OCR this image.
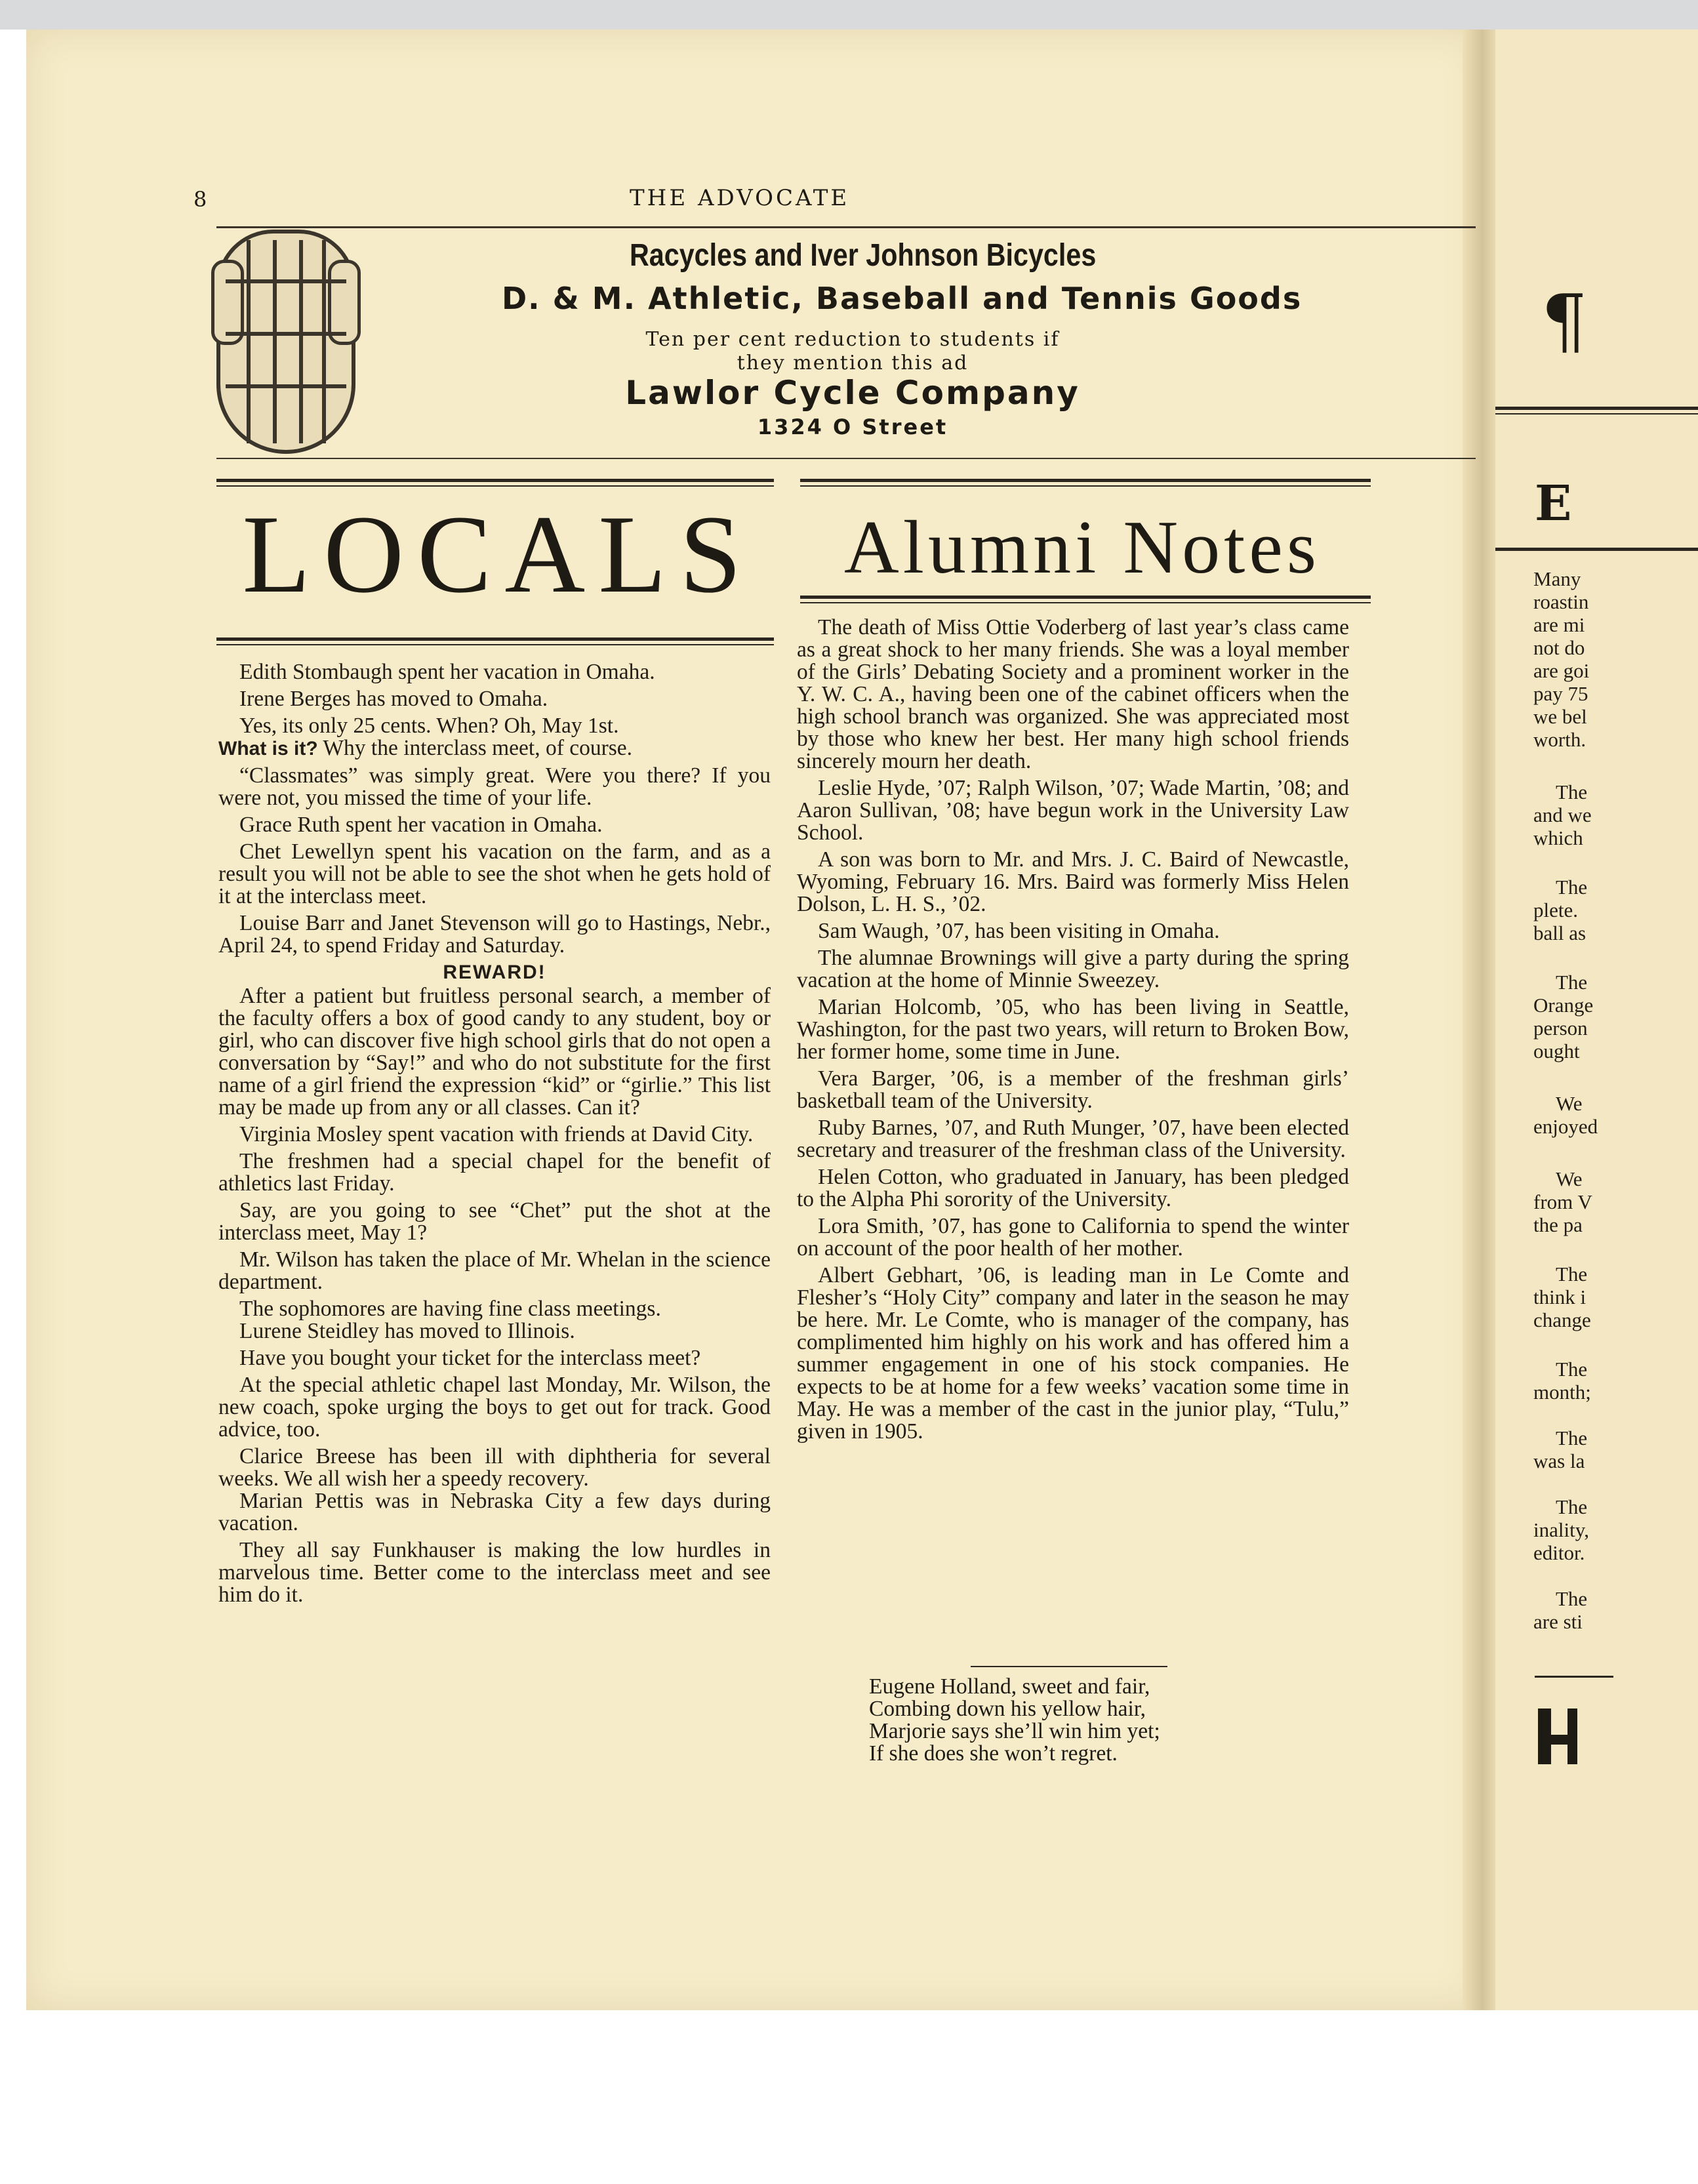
8	THE ADVOCATE
Racycles and Iver Johnson Bicycles
D. & M. Athletic, Baseball and Tennis Goods
Ten per cent reduction to students if
they mention this ad
Lawlor Cycle Company
1324 O Street
LOCALS	Alumni Notes

Edith Stombaugh spent her vacation in Omaha.

Irene Berges has moved to Omaha.

Yes, its only 25 cents. When? Oh, May 1st.
What is it? Why the interclass meet, of course.

“Classmates” was simply great. Were you there? If you were not, you missed the time of your life.

Grace Ruth spent her vacation in Omaha.

Chet Lewellyn spent his vacation on the farm, and as a result you will not be able to see the shot when he gets hold of it at the interclass meet.

Louise Barr and Janet Stevenson will go to Hastings, Nebr., April 24, to spend Friday and Saturday.

REWARD!

After a patient but fruitless personal search, a member of the faculty offers a box of good candy to any student, boy or girl, who can discover five high school girls that do not open a conversation by “Say!” and who do not substitute for the first name of a girl friend the expression “kid” or “girlie.” This list may be made up from any or all classes. Can it?

Virginia Mosley spent vacation with friends at David City.

The freshmen had a special chapel for the benefit of athletics last Friday.

Say, are you going to see “Chet” put the shot at the interclass meet, May 1?

Mr. Wilson has taken the place of Mr. Whelan in the science department.

The sophomores are having fine class meetings.

Lurene Steidley has moved to Illinois.

Have you bought your ticket for the interclass meet?

At the special athletic chapel last Monday, Mr. Wilson, the new coach, spoke urging the boys to get out for track. Good advice, too.

Clarice Breese has been ill with diphtheria for several weeks. We all wish her a speedy recovery.

Marian Pettis was in Nebraska City a few days during vacation.

They all say Funkhauser is making the low hurdles in marvelous time. Better come to the interclass meet and see him do it.

The death of Miss Ottie Voderberg of last year’s class came as a great shock to her many friends. She was a loyal member of the Girls’ Debating Society and a prominent worker in the Y. W. C. A., having been one of the cabinet officers when the high school branch was organized. She was appreciated most by those who knew her best. Her many high school friends sincerely mourn her death.

Leslie Hyde, ’07; Ralph Wilson, ’07; Wade Martin, ’08; and Aaron Sullivan, ’08; have begun work in the University Law School.

A son was born to Mr. and Mrs. J. C. Baird of Newcastle, Wyoming, February 16. Mrs. Baird was formerly Miss Helen Dolson, L. H. S., ’02.

Sam Waugh, ’07, has been visiting in Omaha.

The alumnae Brownings will give a party during the spring vacation at the home of Minnie Sweezey.

Marian Holcomb, ’05, who has been living in Seattle, Washington, for the past two years, will return to Broken Bow, her former home, some time in June.

Vera Barger, ’06, is a member of the freshman girls’ basketball team of the University.

Ruby Barnes, ’07, and Ruth Munger, ’07, have been elected secretary and treasurer of the freshman class of the University.

Helen Cotton, who graduated in January, has been pledged to the Alpha Phi sorority of the University.

Lora Smith, ’07, has gone to California to spend the winter on account of the poor health of her mother.

Albert Gebhart, ’06, is leading man in Le Comte and Flesher’s “Holy City” company and later in the season he may be here. Mr. Le Comte, who is manager of the company, has complimented him highly on his work and has offered him a summer engagement in one of his stock companies. He expects to be at home for a few weeks’ vacation some time in May. He was a member of the cast in the junior play, “Tulu,” given in 1905.

Eugene Holland, sweet and fair,
Combing down his yellow hair,
Marjorie says she’ll win him yet;
If she does she won’t regret.
¶
E
Many
roastin
are mi
not do
are goi
pay 75
we bel
worth.
The
and we
which
The
plete.
ball as
The
Orange
person
ought
We
enjoyed
We
from V
the pa
The
think i
change
The
month;
The
was la
The
inality,
editor.
The
are sti
